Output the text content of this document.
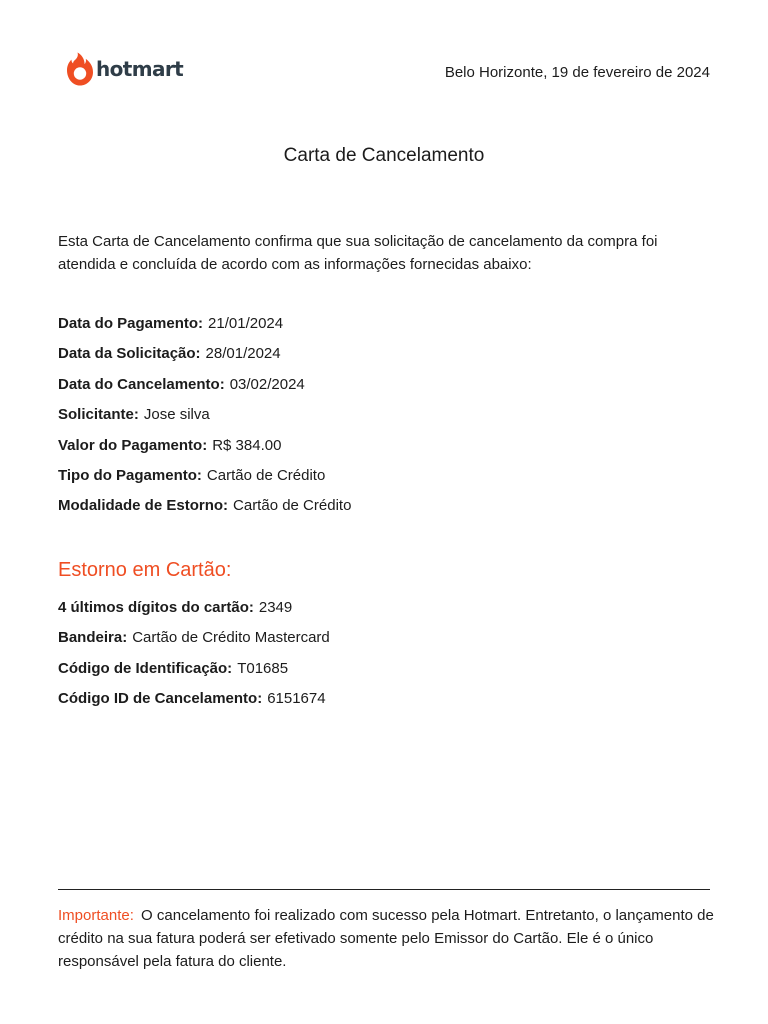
hotmart	Belo Horizonte, 19 de fevereiro de 2024
Carta de Cancelamento
Esta Carta de Cancelamento confirma que sua solicitação de cancelamento da compra foi atendida e concluída de acordo com as informações fornecidas abaixo:
Data do Pagamento: 21/01/2024
Data da Solicitação: 28/01/2024
Data do Cancelamento: 03/02/2024
Solicitante: Jose silva
Valor do Pagamento: R$ 384.00
Tipo do Pagamento: Cartão de Crédito
Modalidade de Estorno: Cartão de Crédito
Estorno em Cartão:
4 últimos dígitos do cartão: 2349
Bandeira: Cartão de Crédito Mastercard
Código de Identificação: T01685
Código ID de Cancelamento: 6151674
Importante: O cancelamento foi realizado com sucesso pela Hotmart. Entretanto, o lançamento de crédito na sua fatura poderá ser efetivado somente pelo Emissor do Cartão. Ele é o único responsável pela fatura do cliente.
